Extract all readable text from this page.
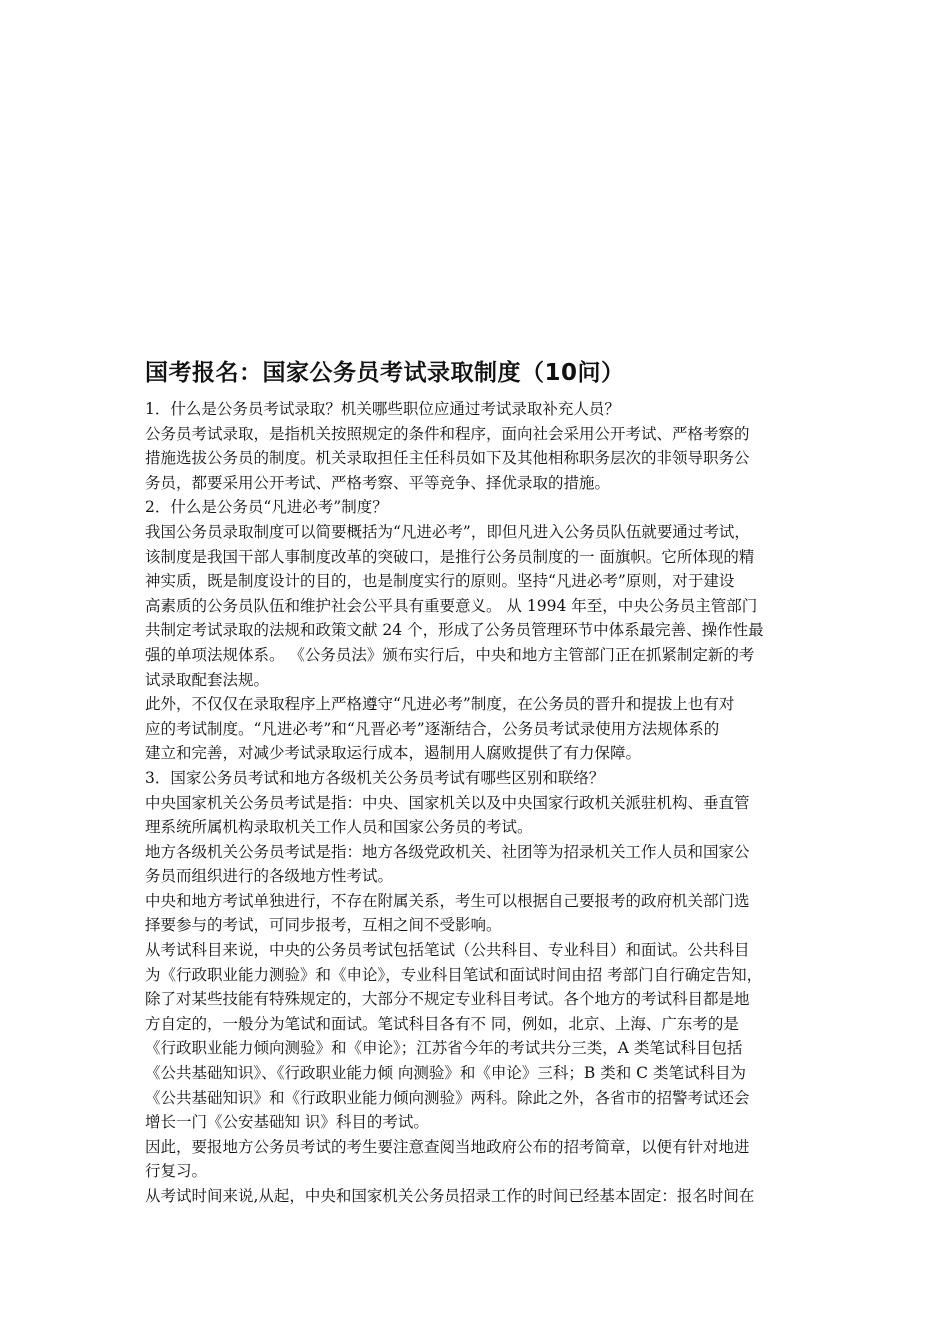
国考报名：国家公务员考试录取制度（10问）
1．什么是公务员考试录取？机关哪些职位应通过考试录取补充人员？
公务员考试录取，是指机关按照规定的条件和程序，面向社会采用公开考试、严格考察的
措施选拔公务员的制度。机关录取担任主任科员如下及其他相称职务层次的非领导职务公
务员，都要采用公开考试、严格考察、平等竞争、择优录取的措施。
2．什么是公务员“凡进必考”制度？
我国公务员录取制度可以简要概括为“凡进必考”，即但凡进入公务员队伍就要通过考试，
该制度是我国干部人事制度改革的突破口，是推行公务员制度的一 面旗帜。它所体现的精
神实质，既是制度设计的目的，也是制度实行的原则。坚持“凡进必考”原则，对于建设
高素质的公务员队伍和维护社会公平具有重要意义。 从 1994 年至，中央公务员主管部门
共制定考试录取的法规和政策文献 24 个，形成了公务员管理环节中体系最完善、操作性最
强的单项法规体系。 《公务员法》颁布实行后，中央和地方主管部门正在抓紧制定新的考
试录取配套法规。
此外，不仅仅在录取程序上严格遵守“凡进必考”制度，在公务员的晋升和提拔上也有对
应的考试制度。“凡进必考”和“凡晋必考”逐渐结合，公务员考试录使用方法规体系的
建立和完善，对减少考试录取运行成本，遏制用人腐败提供了有力保障。
3．国家公务员考试和地方各级机关公务员考试有哪些区别和联络？
中央国家机关公务员考试是指：中央、国家机关以及中央国家行政机关派驻机构、垂直管
理系统所属机构录取机关工作人员和国家公务员的考试。
地方各级机关公务员考试是指：地方各级党政机关、社团等为招录机关工作人员和国家公
务员而组织进行的各级地方性考试。
中央和地方考试单独进行，不存在附属关系，考生可以根据自己要报考的政府机关部门选
择要参与的考试，可同步报考，互相之间不受影响。
从考试科目来说，中央的公务员考试包括笔试（公共科目、专业科目）和面试。公共科目
为《行政职业能力测验》和《申论》，专业科目笔试和面试时间由招 考部门自行确定告知，
除了对某些技能有特殊规定的，大部分不规定专业科目考试。各个地方的考试科目都是地
方自定的，一般分为笔试和面试。笔试科目各有不 同，例如，北京、上海、广东考的是
《行政职业能力倾向测验》和《申论》；江苏省今年的考试共分三类，A 类笔试科目包括
《公共基础知识》、《行政职业能力倾 向测验》和《申论》三科；B 类和 C 类笔试科目为
《公共基础知识》和《行政职业能力倾向测验》两科。除此之外，各省市的招警考试还会
增长一门《公安基础知 识》科目的考试。
因此，要报地方公务员考试的考生要注意查阅当地政府公布的招考简章，以便有针对地进
行复习。
从考试时间来说,从起，中央和国家机关公务员招录工作的时间已经基本固定：报名时间在
